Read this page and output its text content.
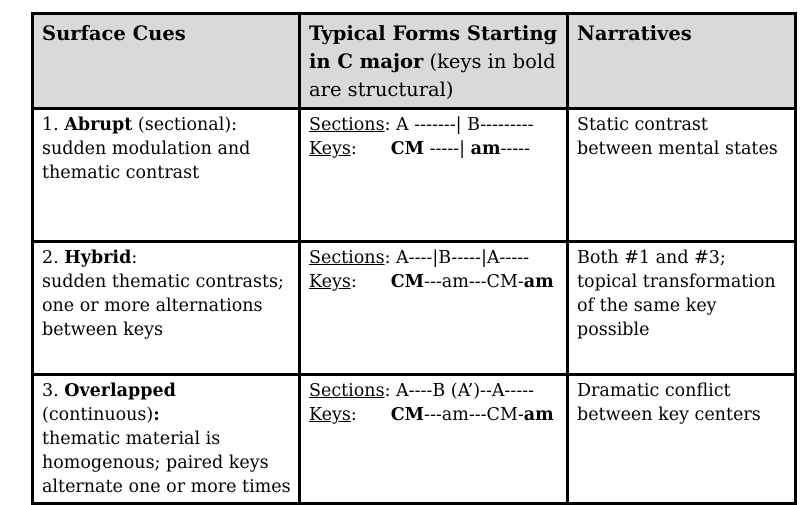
Surface Cues	Typical Forms Starting in C major (keys in bold are structural)	Narratives

1. Abrupt (sectional):
sudden modulation and
thematic contrast	Sections: A -------| B---------
Keys: CM -----| am-----	Static contrast
between mental states

2. Hybrid:
sudden thematic contrasts;
one or more alternations
between keys	Sections: A----|B-----|A-----
Keys: CM---am---CM-am	Both #1 and #3;
topical transformation
of the same key
possible

3. Overlapped
(continuous):
thematic material is
homogenous; paired keys
alternate one or more times	Sections: A----B (A’)--A-----
Keys: CM---am---CM-am	Dramatic conflict
between key centers
